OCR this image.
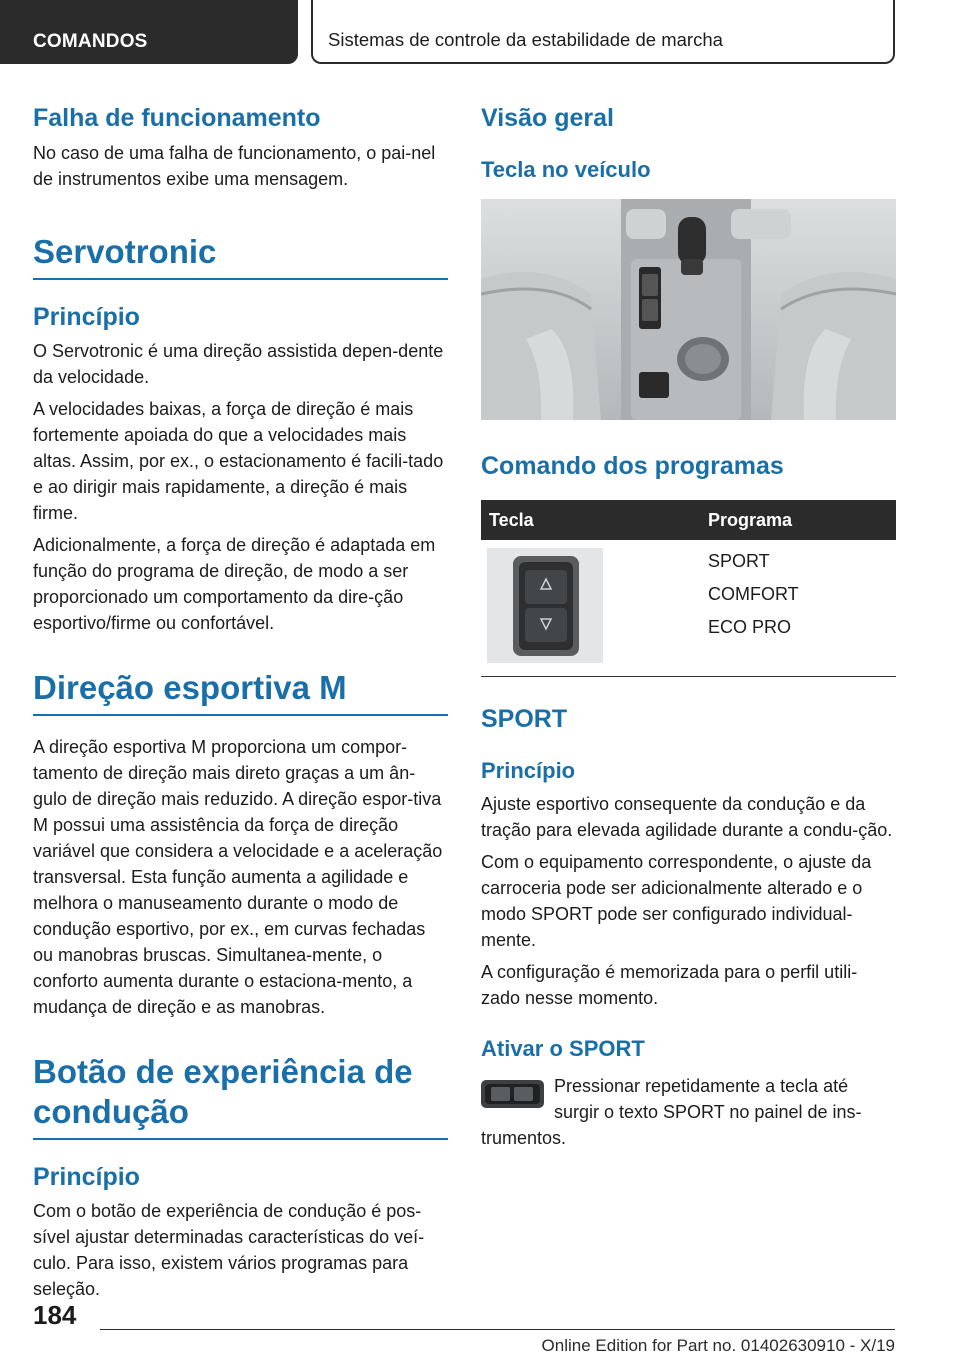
COMANDOS	Sistemas de controle da estabilidade de marcha
Falha de funcionamento
No caso de uma falha de funcionamento, o pai-nel de instrumentos exibe uma mensagem.
Servotronic
Princípio
O Servotronic é uma direção assistida depen-dente da velocidade.
A velocidades baixas, a força de direção é mais fortemente apoiada do que a velocidades mais altas. Assim, por ex., o estacionamento é facili-tado e ao dirigir mais rapidamente, a direção é mais firme.
Adicionalmente, a força de direção é adaptada em função do programa de direção, de modo a ser proporcionado um comportamento da dire-ção esportivo/firme ou confortável.
Direção esportiva M
A direção esportiva M proporciona um compor-tamento de direção mais direto graças a um ân-gulo de direção mais reduzido. A direção espor-tiva M possui uma assistência da força de direção variável que considera a velocidade e a aceleração transversal. Esta função aumenta a agilidade e melhora o manuseamento durante o modo de condução esportivo, por ex., em curvas fechadas ou manobras bruscas. Simultanea-mente, o conforto aumenta durante o estaciona-mento, a mudança de direção e as manobras.
Botão de experiência de condução
Princípio
Com o botão de experiência de condução é pos-sível ajustar determinadas características do veí-culo. Para isso, existem vários programas para seleção.
Visão geral
Tecla no veículo
Comando dos programas
Tecla	Programa

SPORT
COMFORT
ECO PRO
SPORT
Princípio
Ajuste esportivo consequente da condução e da tração para elevada agilidade durante a condu-ção.
Com o equipamento correspondente, o ajuste da carroceria pode ser adicionalmente alterado e o modo SPORT pode ser configurado individual-mente.
A configuração é memorizada para o perfil utili-zado nesse momento.
Ativar o SPORT
Pressionar repetidamente a tecla até surgir o texto SPORT no painel de ins-
trumentos.
184
Online Edition for Part no. 01402630910 - X/19
